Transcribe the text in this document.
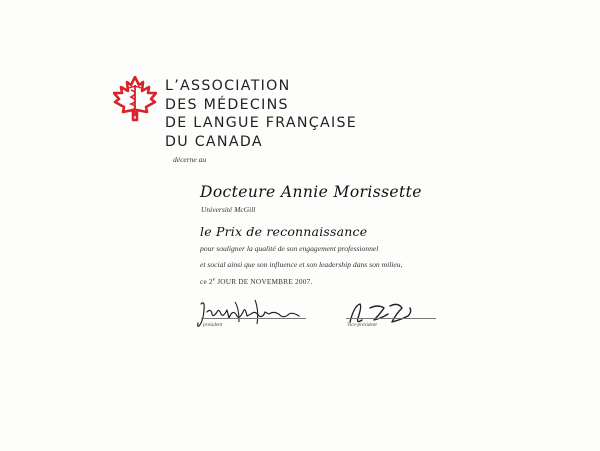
L’ASSOCIATION
DES MÉDECINS
DE LANGUE FRANÇAISE
DU CANADA
décerne au
Docteure Annie Morissette
Université McGill
le Prix de reconnaissance
pour souligner la qualité de son engagement professionnel
et social ainsi que son influence et son leadership dans son milieu,
ce 2e JOUR DE NOVEMBRE 2007.
président	Vice-président
